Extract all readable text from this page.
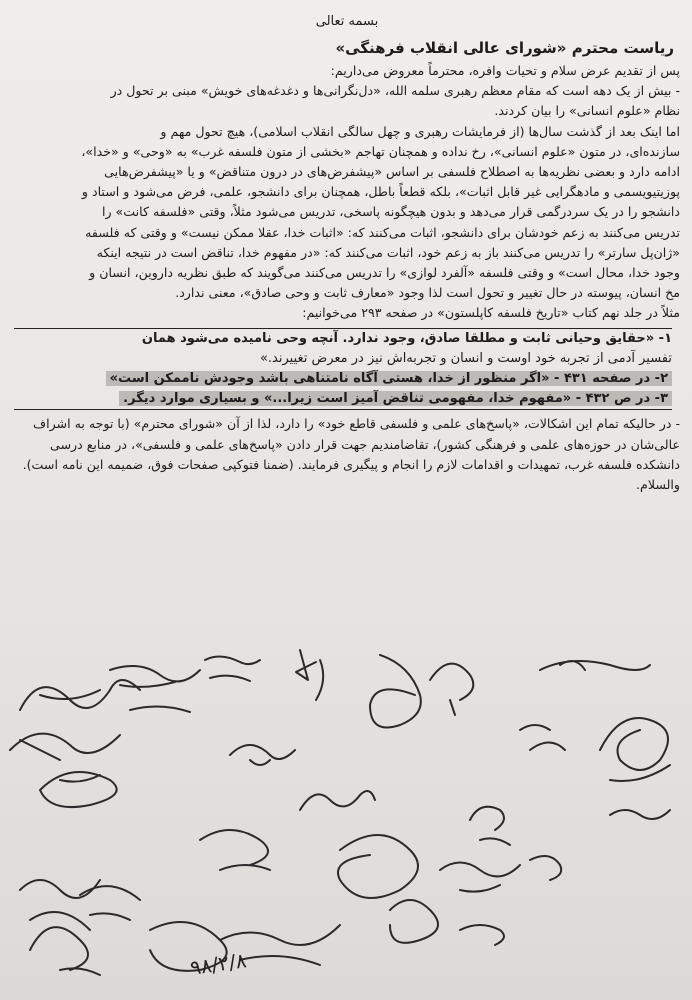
بسمه تعالی
ریاست محترم «شورای عالی انقلاب فرهنگی»

پس از تقدیم عرض سلام و تحیات وافره، محترماً معروض می‌داریم:

- بیش از یک دهه است که مقام معظم رهبری سلمه الله، «دل‌نگرانی‌ها و دغدغه‌های خویش» مبنی بر تحول در

نظام «علوم انسانی» را بیان کردند.

اما اینک بعد از گذشت سال‌ها (از فرمایشات رهبری و چهل سالگی انقلاب اسلامی)، هیچ تحول مهم و

سازنده‌ای، در متون «علوم انسانی»، رخ نداده و همچنان تهاجم «بخشی از متون فلسفه غرب» به «وحی» و «خدا»،

ادامه دارد و بعضی نظریه‌ها به اصطلاح فلسفی بر اساس «پیشفرض‌های در درون متناقض» و یا «پیشفرض‌هایی

پوزیتیویسمی و مادهگرایی غیر قابل اثبات»، بلکه قطعاً باطل، همچنان برای دانشجو، علمی، فرض می‌شود و استاد و

دانشجو را در یک سردرگمی قرار می‌دهد و بدون هیچگونه پاسخی، تدریس می‌شود مثلاً، وقتی «فلسفه کانت» را

تدریس می‌کنند به زعم خودشان برای دانشجو، اثبات می‌کنند که: «اثبات خدا، عقلا ممکن نیست» و وقتی که فلسفه

«ژان‌پل سارتر» را تدریس می‌کنند باز به زعم خود، اثبات می‌کنند که: «در مفهوم خدا، تناقض است در نتیجه اینکه

وجود خدا، محال است» و وقتی فلسفه «آلفرد لوازی» را تدریس می‌کنند می‌گویند که طبق نظریه داروین، انسان و

مخ انسان، پیوسته در حال تغییر و تحول است لذا وجود «معارف ثابت و وحی صادق»، معنی ندارد.

مثلاً در جلد نهم کتاب «تاریخ فلسفه کاپلستون» در صفحه ۲۹۳ می‌خوانیم:

۱- «حقایق وحیانی ثابت و مطلقا صادق، وجود ندارد. آنچه وحی نامیده می‌شود همان

تفسیر آدمی از تجربه خود اوست و انسان و تجربه‌اش نیز در معرض تغییرند.»

۲- در صفحه ۴۳۱ - «اگر منظور از خدا، هستی آگاه نامتناهی باشد وجودش ناممکن است»

۳- در ص ۴۳۲ - «مفهوم خدا، مفهومی تناقض آمیز است زیرا...» و بسیاری موارد دیگر.

- در حالیکه تمام این اشکالات، «پاسخ‌های علمی و فلسفی قاطع خود» را دارد، لذا از آن «شورای محترم» (با توجه به اشراف

عالی‌شان در حوزه‌های علمی و فرهنگی کشور)، تقاضامندیم جهت قرار دادن «پاسخ‌های علمی و فلسفی»، در منابع درسی

دانشکده فلسفه غرب، تمهیدات و اقدامات لازم را انجام و پیگیری فرمایند. (ضمنا فتوکپی صفحات فوق، ضمیمه این نامه است).

والسلام.

۹۸/۲/۸
